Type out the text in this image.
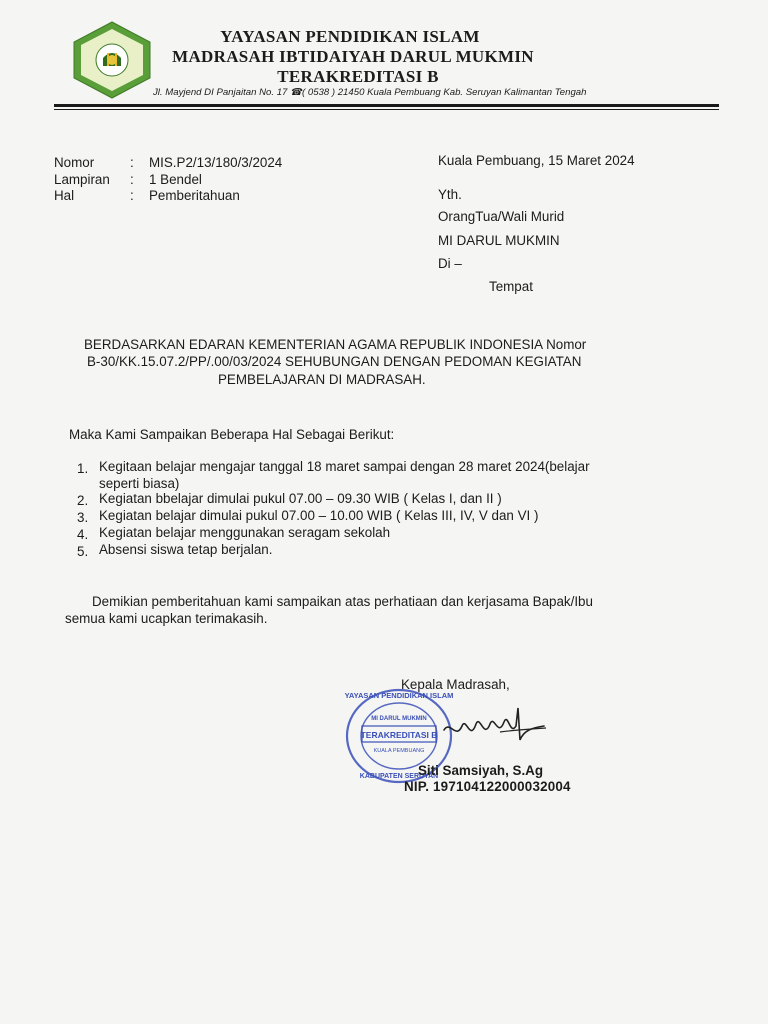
YAYASAN PENDIDIKAN ISLAM
MADRASAH IBTIDAIYAH DARUL MUKMIN
TERAKREDITASI B
Jl. Mayjend DI Panjaitan No. 17 ☎( 0538 ) 21450 Kuala Pembuang Kab. Seruyan Kalimantan Tengah
Nomor	: MIS.P2/13/180/3/2024
Lampiran : 1 Bendel
Hal	: Pemberitahuan
Kuala Pembuang, 15 Maret 2024
Yth.
OrangTua/Wali Murid
MI DARUL MUKMIN
Di –
Tempat
BERDASARKAN EDARAN KEMENTERIAN AGAMA REPUBLIK INDONESIA Nomor
B-30/KK.15.07.2/PP/.00/03/2024 SEHUBUNGAN DENGAN PEDOMAN KEGIATAN
PEMBELAJARAN DI MADRASAH.
Maka Kami Sampaikan Beberapa Hal Sebagai Berikut:
1. Kegitaan belajar mengajar tanggal 18 maret sampai dengan 28 maret 2024(belajar
seperti biasa)
2. Kegiatan bbelajar dimulai pukul 07.00 – 09.30 WIB ( Kelas I, dan II )
3. Kegiatan belajar dimulai pukul 07.00 – 10.00 WIB ( Kelas III, IV, V dan VI )
4. Kegiatan belajar menggunakan seragam sekolah
5. Absensi siswa tetap berjalan.
Demikian pemberitahuan kami sampaikan atas perhatiaan dan kerjasama Bapak/Ibu
semua kami ucapkan terimakasih.
Kepala Madrasah,
YAYASAN PENDIDIKAN ISLAM
MI DARUL MUKMIN
TERAKREDITASI B
KUALA PEMBUANG
KABUPATEN SERUYAN
Siti Samsiyah, S.Ag
NIP. 197104122000032004
